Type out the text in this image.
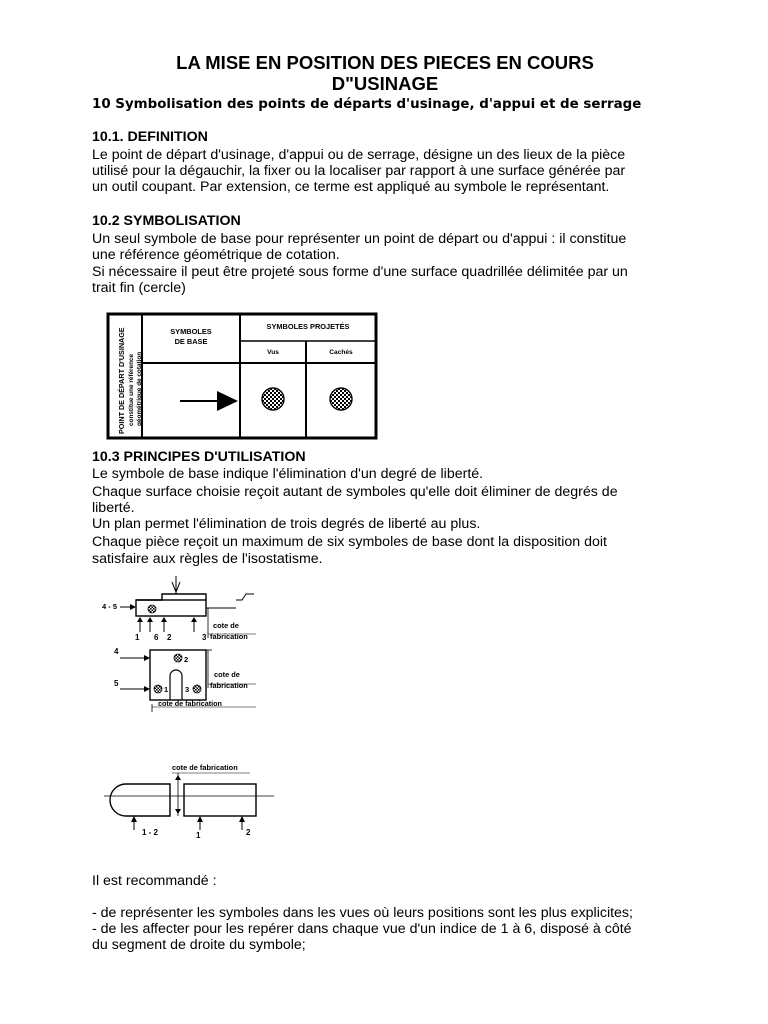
LA MISE EN POSITION DES PIECES EN COURS
D"USINAGE
10 Symbolisation des points de départs d'usinage, d'appui et de serrage
10.1. DEFINITION
Le point de départ d'usinage, d'appui ou de serrage, désigne un des lieux de la pièce
utilisé pour la dégauchir, la fixer ou la localiser par rapport à une surface générée par
un outil coupant. Par extension, ce terme est appliqué au symbole le représentant.
10.2 SYMBOLISATION
Un seul symbole de base pour représenter un point de départ ou d'appui : il constitue
une référence géométrique de cotation.
Si nécessaire il peut être projeté sous forme d'une surface quadrillée délimitée par un
trait fin (cercle)
POINT DE DÉPART D'USINAGE constitue une référence géométrique de cotation
SYMBOLES
DE BASE
SYMBOLES PROJETÉS
Vus	Cachés
10.3 PRINCIPES D'UTILISATION
Le symbole de base indique l'élimination d'un degré de liberté.
Chaque surface choisie reçoit autant de symboles qu'elle doit éliminer de degrés de
liberté.
Un plan permet l'élimination de trois degrés de liberté au plus.
Chaque pièce reçoit un maximum de six symboles de base dont la disposition doit
satisfaire aux règles de l'isostatisme.
4 - 5
1 6 2	3
cote de
fabrication
2
1 3
4
5
cote de
fabrication
cote de fabrication
cote de fabrication
1 - 2	1	2
Il est recommandé :
- de représenter les symboles dans les vues où leurs positions sont les plus explicites;
- de les affecter pour les repérer dans chaque vue d'un indice de 1 à 6, disposé à côté
du segment de droite du symbole;
